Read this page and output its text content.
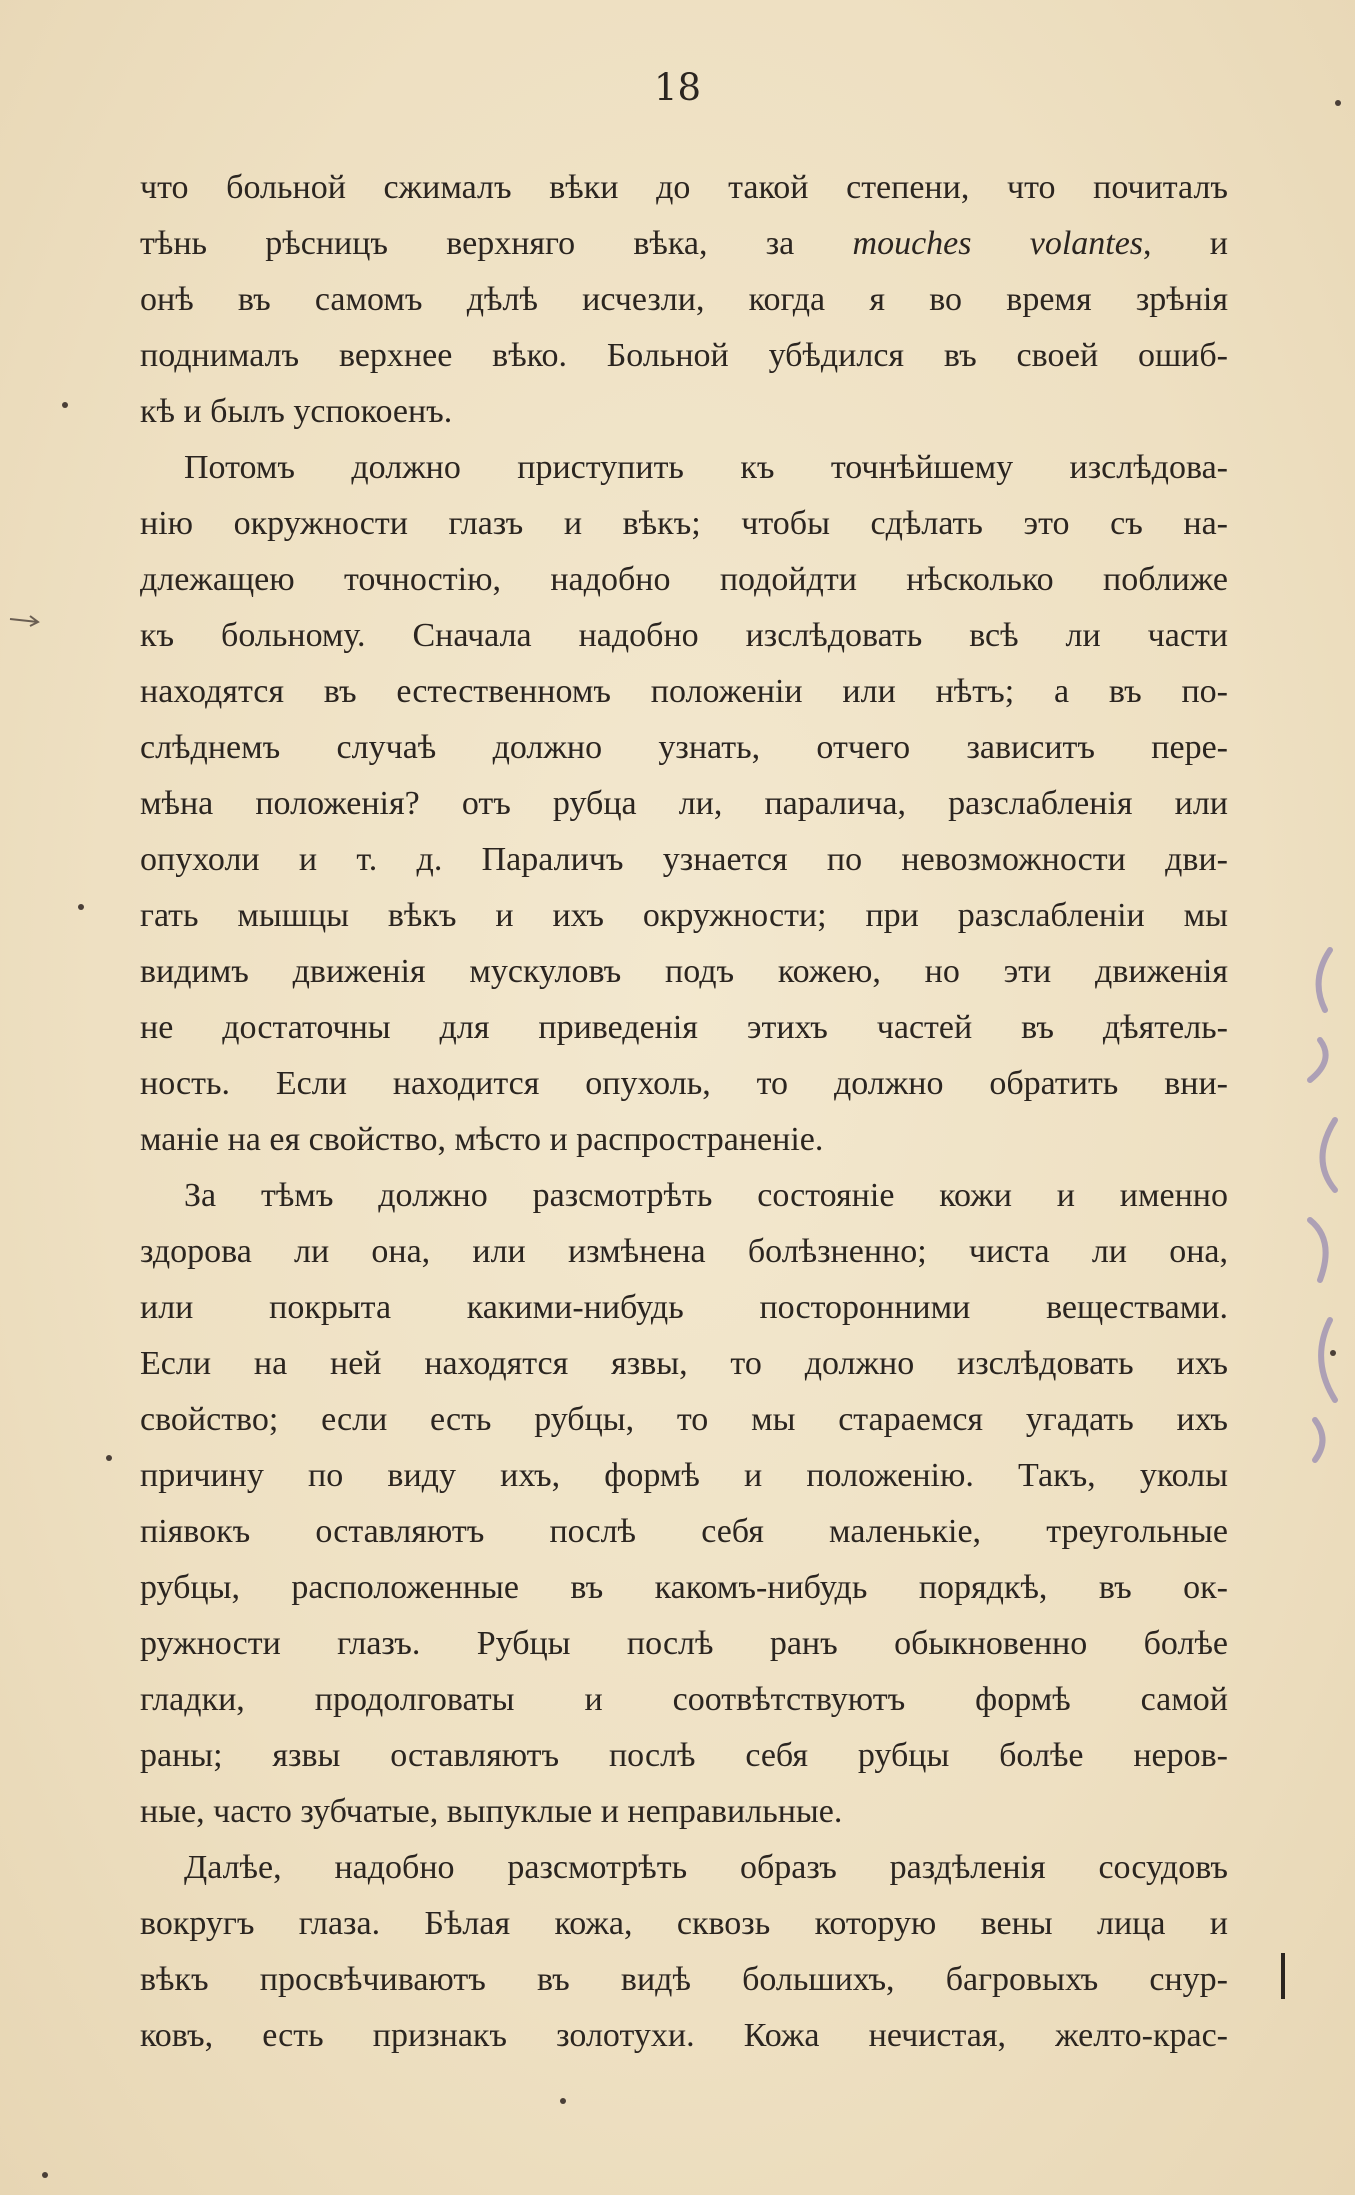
18
что больной сжималъ вѣки до такой степени, что почиталъ
тѣнь рѣсницъ верхняго вѣка, за mouches volantes, и
онѣ въ самомъ дѣлѣ исчезли, когда я во время зрѣнія
поднималъ верхнее вѣко. Больной убѣдился въ своей ошиб-
кѣ и былъ успокоенъ.
Потомъ должно приступить къ точнѣйшему изслѣдова-
нію окружности глазъ и вѣкъ; чтобы сдѣлать это съ на-
длежащею точностію, надобно подойдти нѣсколько поближе
къ больному. Сначала надобно изслѣдовать всѣ ли части
находятся въ естественномъ положеніи или нѣтъ; а въ по-
слѣднемъ случаѣ должно узнать, отчего зависитъ пере-
мѣна положенія? отъ рубца ли, паралича, разслабленія или
опухоли и т. д. Параличъ узнается по невозможности дви-
гать мышцы вѣкъ и ихъ окружности; при разслабленіи мы
видимъ движенія мускуловъ подъ кожею, но эти движенія
не достаточны для приведенія этихъ частей въ дѣятель-
ность. Если находится опухоль, то должно обратить вни-
маніе на ея свойство, мѣсто и распространеніе.
За тѣмъ должно разсмотрѣть состояніе кожи и именно
здорова ли она, или измѣнена болѣзненно; чиста ли она,
или покрыта какими-нибудь посторонними веществами.
Если на ней находятся язвы, то должно изслѣдовать ихъ
свойство; если есть рубцы, то мы стараемся угадать ихъ
причину по виду ихъ, формѣ и положенію. Такъ, уколы
піявокъ оставляютъ послѣ себя маленькіе, треугольные
рубцы, расположенные въ какомъ-нибудь порядкѣ, въ ок-
ружности глазъ. Рубцы послѣ ранъ обыкновенно болѣе
гладки, продолговаты и соотвѣтствуютъ формѣ самой
раны; язвы оставляютъ послѣ себя рубцы болѣе неров-
ные, часто зубчатые, выпуклые и неправильные.
Далѣе, надобно разсмотрѣть образъ раздѣленія сосудовъ
вокругъ глаза. Бѣлая кожа, сквозь которую вены лица и
вѣкъ просвѣчиваютъ въ видѣ большихъ, багровыхъ снур-
ковъ, есть признакъ золотухи. Кожа нечистая, желто-крас-
